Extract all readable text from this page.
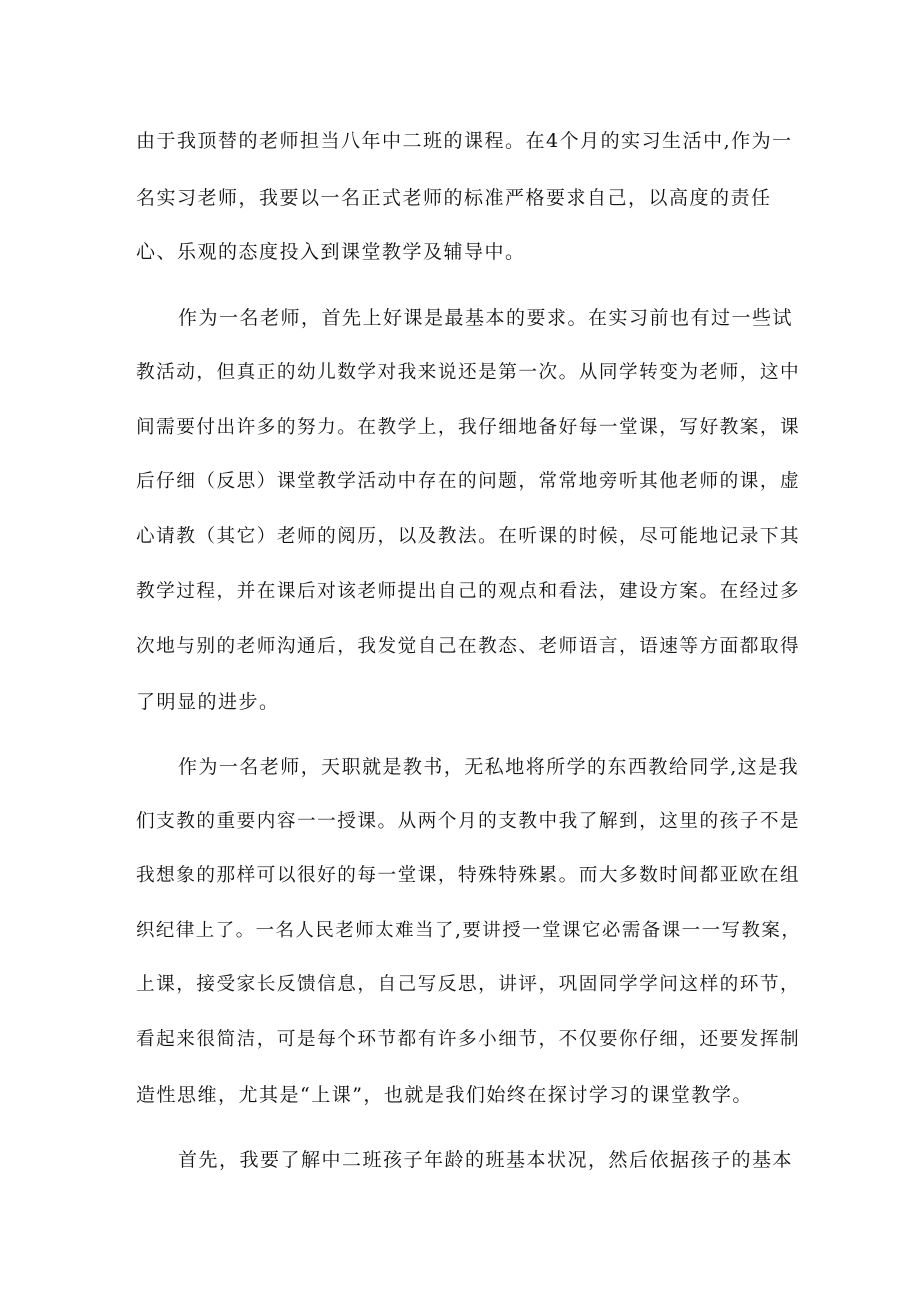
由于我顶替的老师担当八年中二班的课程。在4个月的实习生活中,作为一
名实习老师，我要以一名正式老师的标准严格要求自己，以高度的责任
心、乐观的态度投入到课堂教学及辅导中。
作为一名老师，首先上好课是最基本的要求。在实习前也有过一些试
教活动，但真正的幼儿数学对我来说还是第一次。从同学转变为老师，这中
间需要付出许多的努力。在教学上，我仔细地备好每一堂课，写好教案，课
后仔细（反思）课堂教学活动中存在的问题，常常地旁听其他老师的课，虚
心请教（其它）老师的阅历，以及教法。在听课的时候，尽可能地记录下其
教学过程，并在课后对该老师提出自己的观点和看法，建设方案。在经过多
次地与别的老师沟通后，我发觉自己在教态、老师语言，语速等方面都取得
了明显的进步。
作为一名老师，天职就是教书，无私地将所学的东西教给同学,这是我
们支教的重要内容一一授课。从两个月的支教中我了解到，这里的孩子不是
我想象的那样可以很好的每一堂课，特殊特殊累。而大多数时间都亚欧在组
织纪律上了。一名人民老师太难当了,要讲授一堂课它必需备课一一写教案，
上课，接受家长反馈信息，自己写反思，讲评，巩固同学学问这样的环节，
看起来很简洁，可是每个环节都有许多小细节，不仅要你仔细，还要发挥制
造性思维，尤其是“上课”，也就是我们始终在探讨学习的课堂教学。
首先，我要了解中二班孩子年龄的班基本状况，然后依据孩子的基本
